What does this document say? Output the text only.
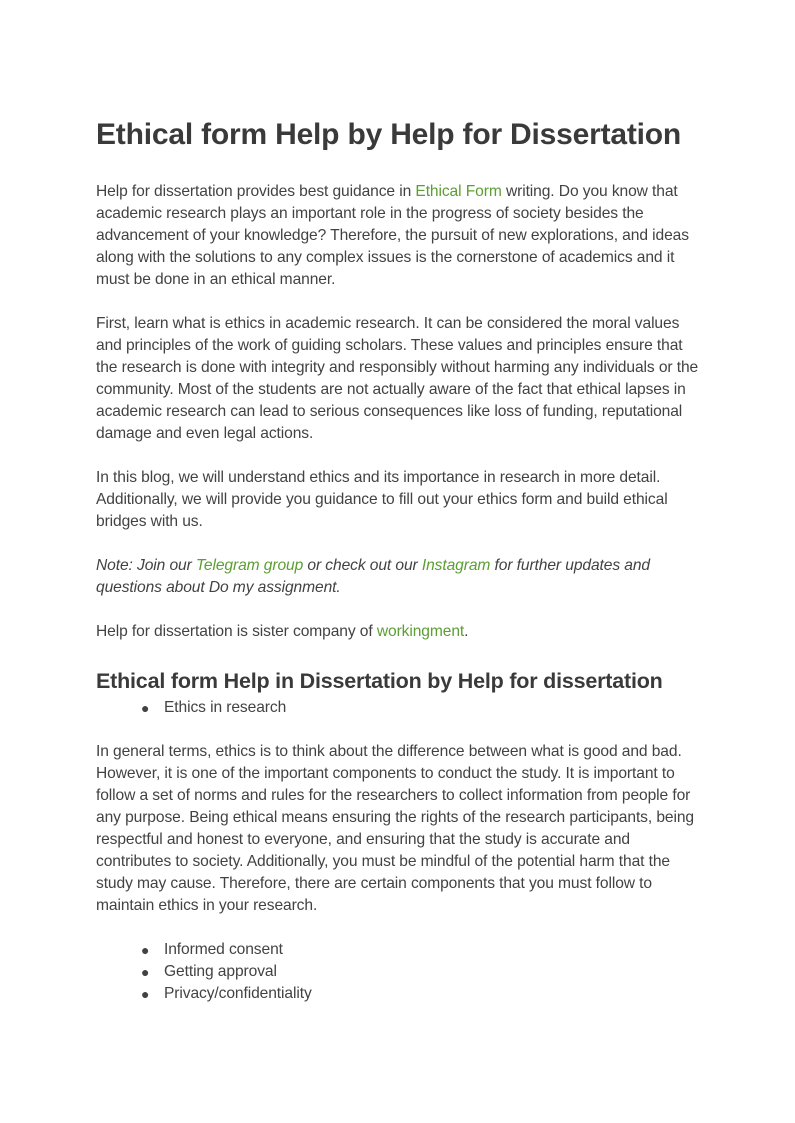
Ethical form Help by Help for Dissertation

Help for dissertation provides best guidance in Ethical Form writing. Do you know that academic research plays an important role in the progress of society besides the advancement of your knowledge? Therefore, the pursuit of new explorations, and ideas along with the solutions to any complex issues is the cornerstone of academics and it must be done in an ethical manner.

First, learn what is ethics in academic research. It can be considered the moral values and principles of the work of guiding scholars. These values and principles ensure that the research is done with integrity and responsibly without harming any individuals or the community. Most of the students are not actually aware of the fact that ethical lapses in academic research can lead to serious consequences like loss of funding, reputational damage and even legal actions.

In this blog, we will understand ethics and its importance in research in more detail. Additionally, we will provide you guidance to fill out your ethics form and build ethical bridges with us.

Note: Join our Telegram group or check out our Instagram for further updates and questions about Do my assignment.

Help for dissertation is sister company of workingment.

Ethical form Help in Dissertation by Help for dissertation
● Ethics in research

In general terms, ethics is to think about the difference between what is good and bad. However, it is one of the important components to conduct the study. It is important to follow a set of norms and rules for the researchers to collect information from people for any purpose. Being ethical means ensuring the rights of the research participants, being respectful and honest to everyone, and ensuring that the study is accurate and contributes to society. Additionally, you must be mindful of the potential harm that the study may cause. Therefore, there are certain components that you must follow to maintain ethics in your research.

● Informed consent
● Getting approval
● Privacy/confidentiality
